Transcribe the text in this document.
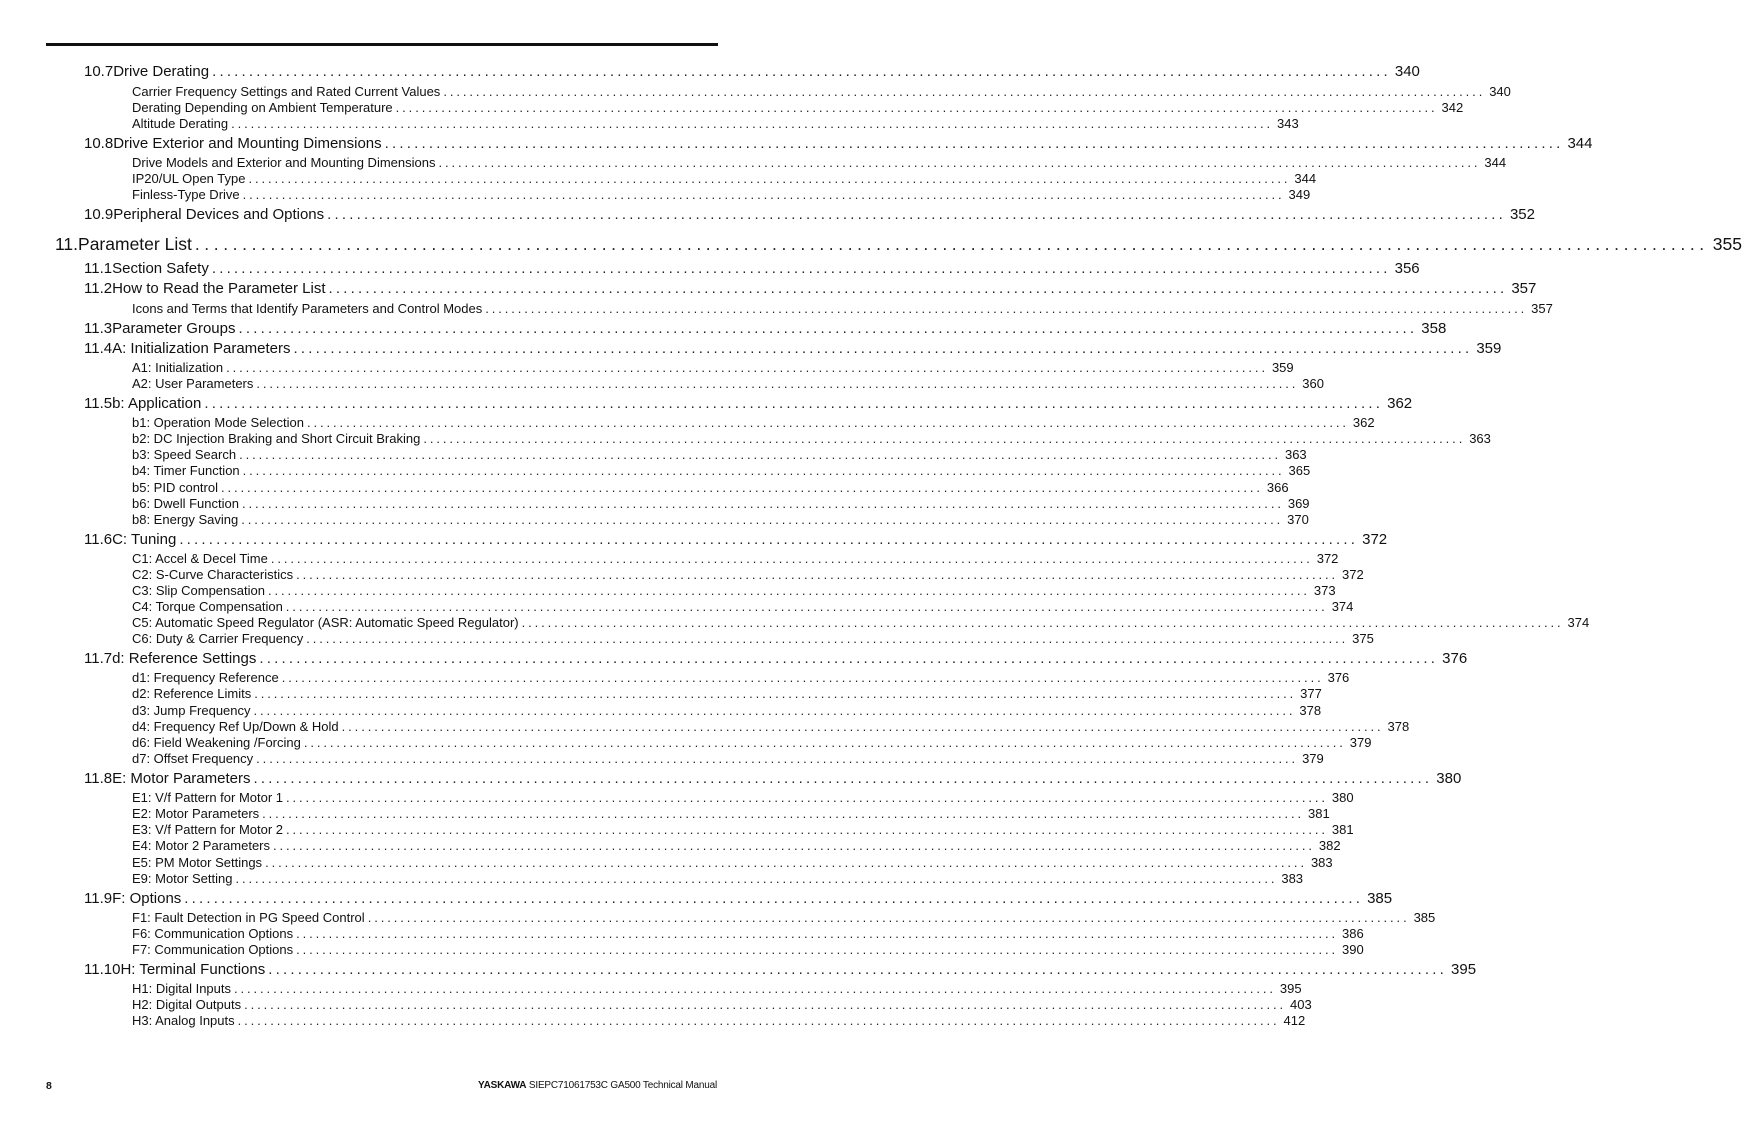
10.7 Drive Derating ................................................................................................................................................................ 340
Carrier Frequency Settings and Rated Current Values ................................................................................................................................................................ 340
Derating Depending on Ambient Temperature ................................................................................................................................................................ 342
Altitude Derating ................................................................................................................................................................ 343
10.8 Drive Exterior and Mounting Dimensions ................................................................................................................................................................ 344
Drive Models and Exterior and Mounting Dimensions ................................................................................................................................................................ 344
IP20/UL Open Type ................................................................................................................................................................ 344
Finless-Type Drive ................................................................................................................................................................ 349
10.9 Peripheral Devices and Options ................................................................................................................................................................ 352
11. Parameter List ................................................................................................................................................................ 355
11.1 Section Safety ................................................................................................................................................................ 356
11.2 How to Read the Parameter List ................................................................................................................................................................ 357
Icons and Terms that Identify Parameters and Control Modes ................................................................................................................................................................ 357
11.3 Parameter Groups ................................................................................................................................................................ 358
11.4 A: Initialization Parameters ................................................................................................................................................................ 359
A1: Initialization ................................................................................................................................................................ 359
A2: User Parameters ................................................................................................................................................................ 360
11.5 b: Application ................................................................................................................................................................ 362
b1: Operation Mode Selection ................................................................................................................................................................ 362
b2: DC Injection Braking and Short Circuit Braking ................................................................................................................................................................ 363
b3: Speed Search ................................................................................................................................................................ 363
b4: Timer Function ................................................................................................................................................................ 365
b5: PID control ................................................................................................................................................................ 366
b6: Dwell Function ................................................................................................................................................................ 369
b8: Energy Saving ................................................................................................................................................................ 370
11.6 C: Tuning ................................................................................................................................................................ 372
C1: Accel & Decel Time ................................................................................................................................................................ 372
C2: S-Curve Characteristics ................................................................................................................................................................ 372
C3: Slip Compensation ................................................................................................................................................................ 373
C4: Torque Compensation ................................................................................................................................................................ 374
C5: Automatic Speed Regulator (ASR: Automatic Speed Regulator) ................................................................................................................................................................ 374
C6: Duty & Carrier Frequency ................................................................................................................................................................ 375
11.7 d: Reference Settings ................................................................................................................................................................ 376
d1: Frequency Reference ................................................................................................................................................................ 376
d2: Reference Limits ................................................................................................................................................................ 377
d3: Jump Frequency ................................................................................................................................................................ 378
d4: Frequency Ref Up/Down & Hold ................................................................................................................................................................ 378
d6: Field Weakening /Forcing ................................................................................................................................................................ 379
d7: Offset Frequency ................................................................................................................................................................ 379
11.8 E: Motor Parameters ................................................................................................................................................................ 380
E1: V/f Pattern for Motor 1 ................................................................................................................................................................ 380
E2: Motor Parameters ................................................................................................................................................................ 381
E3: V/f Pattern for Motor 2 ................................................................................................................................................................ 381
E4: Motor 2 Parameters ................................................................................................................................................................ 382
E5: PM Motor Settings ................................................................................................................................................................ 383
E9: Motor Setting ................................................................................................................................................................ 383
11.9 F: Options ................................................................................................................................................................ 385
F1: Fault Detection in PG Speed Control ................................................................................................................................................................ 385
F6: Communication Options ................................................................................................................................................................ 386
F7: Communication Options ................................................................................................................................................................ 390
11.10 H: Terminal Functions ................................................................................................................................................................ 395
H1: Digital Inputs ................................................................................................................................................................ 395
H2: Digital Outputs ................................................................................................................................................................ 403
H3: Analog Inputs ................................................................................................................................................................ 412
8	YASKAWA SIEPC71061753C GA500 Technical Manual
